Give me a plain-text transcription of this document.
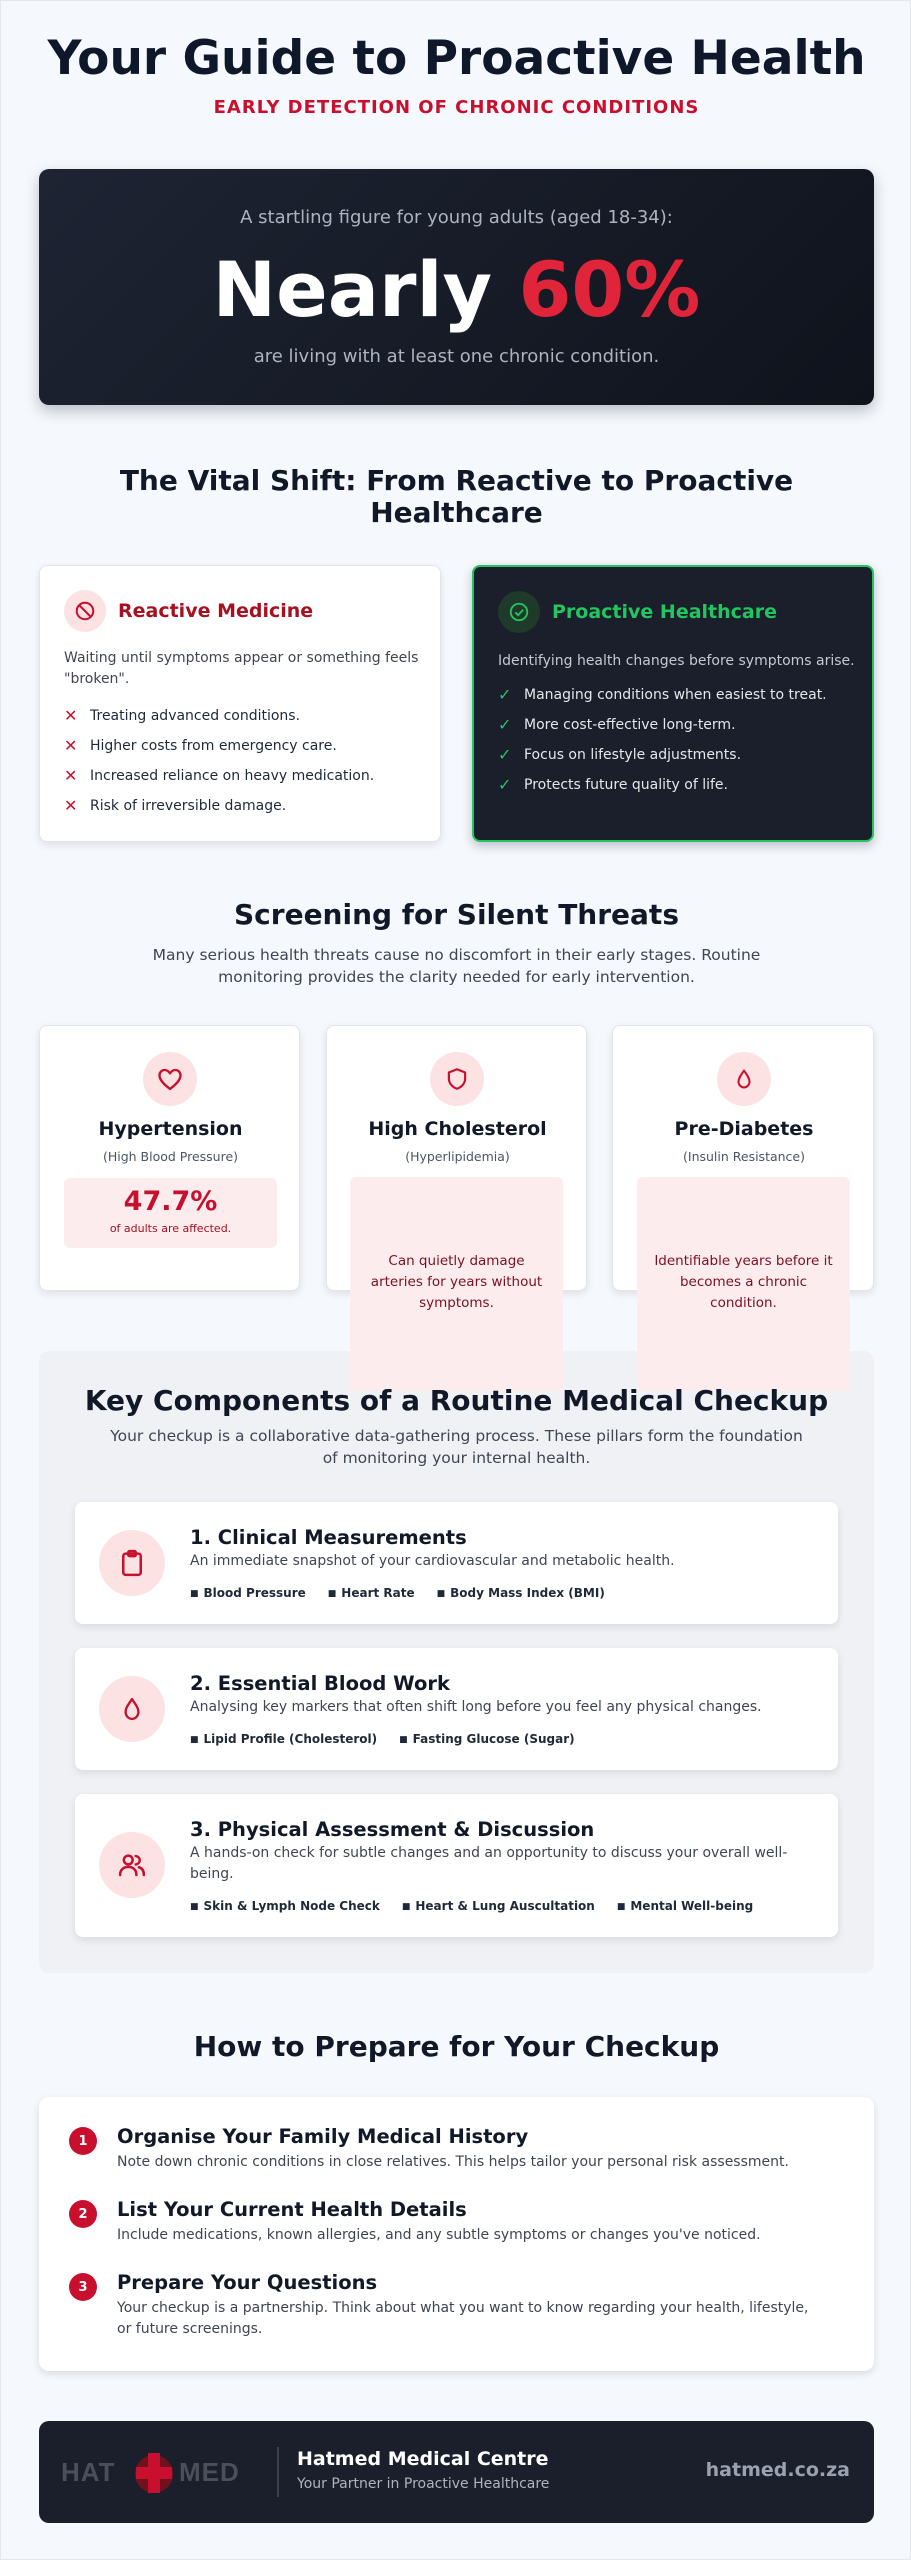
Your Guide to Proactive Health
EARLY DETECTION OF CHRONIC CONDITIONS
A startling figure for young adults (aged 18-34):
Nearly 60%
are living with at least one chronic condition.
The Vital Shift: From Reactive to Proactive Healthcare
Reactive Medicine
Waiting until symptoms appear or something feels "broken".
✕ Treating advanced conditions.
✕ Higher costs from emergency care.
✕ Increased reliance on heavy medication.
✕ Risk of irreversible damage.
Proactive Healthcare
Identifying health changes before symptoms arise.
✓ Managing conditions when easiest to treat.
✓ More cost-effective long-term.
✓ Focus on lifestyle adjustments.
✓ Protects future quality of life.
Screening for Silent Threats
Many serious health threats cause no discomfort in their early stages. Routine monitoring provides the clarity needed for early intervention.
Hypertension
(High Blood Pressure)
47.7%
of adults are affected.
High Cholesterol
(Hyperlipidemia)
Pre-Diabetes
(Insulin Resistance)
Can quietly damage arteries for years without symptoms.
Identifiable years before it becomes a chronic condition.
Key Components of a Routine Medical Checkup
Your checkup is a collaborative data-gathering process. These pillars form the foundation of monitoring your internal health.
1. Clinical Measurements
An immediate snapshot of your cardiovascular and metabolic health.
■ Blood Pressure	■ Heart Rate	■ Body Mass Index (BMI)
2. Essential Blood Work
Analysing key markers that often shift long before you feel any physical changes.
■ Lipid Profile (Cholesterol)	■ Fasting Glucose (Sugar)
3. Physical Assessment & Discussion
A hands-on check for subtle changes and an opportunity to discuss your overall well-being.
■ Skin & Lymph Node Check	■ Heart & Lung Auscultation	■ Mental Well-being
How to Prepare for Your Checkup
1	Organise Your Family Medical History
Note down chronic conditions in close relatives. This helps tailor your personal risk assessment.
2	List Your Current Health Details
Include medications, known allergies, and any subtle symptoms or changes you've noticed.
3	Prepare Your Questions
Your checkup is a partnership. Think about what you want to know regarding your health, lifestyle, or future screenings.
HAT MED	Hatmed Medical Centre
Your Partner in Proactive Healthcare
hatmed.co.za
